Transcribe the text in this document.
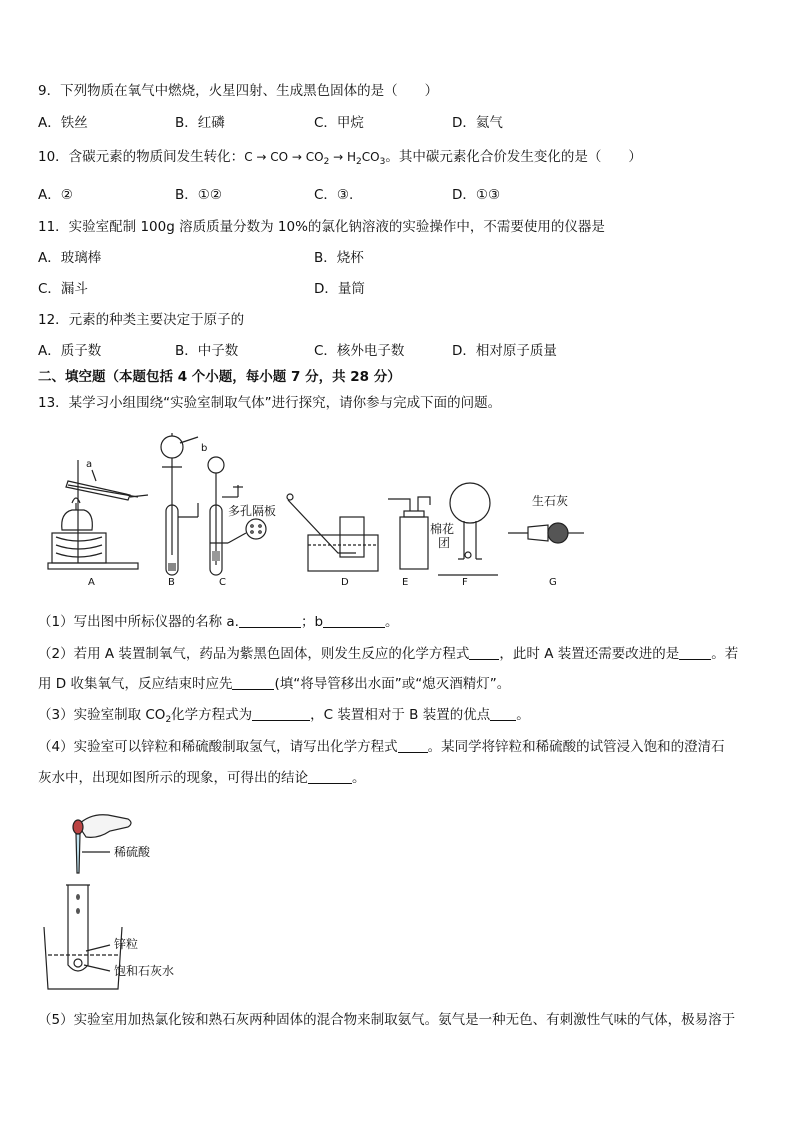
9．下列物质在氧气中燃烧，火星四射、生成黑色固体的是（　　）
A．铁丝	B．红磷	C．甲烷	D．氦气
10．含碳元素的物质间发生转化：C → CO → $CO_2 \to H_2CO_3$。其中碳元素化合价发生变化的是（　　）
A．②	B．①②	C．③.	D．①③
11．实验室配制 100g 溶质质量分数为 10%的氯化钠溶液的实验操作中，不需要使用的仪器是
A．玻璃棒	B．烧杯
C．漏斗	D．量筒
12．元素的种类主要决定于原子的
A．质子数	B．中子数	C．核外电子数	D．相对原子质量
二、填空题（本题包括 4 个小题，每小题 7 分，共 28 分）
13．某学习小组围绕“实验室制取气体”进行探究，请你参与完成下面的问题。
A	B	C	D	E	F	G
a
b
多孔隔板
棉花
团
生石灰
（1）写出图中所标仪器的名称 a.	；b	。
（2）若用 A 装置制氧气，药品为紫黑色固体，则发生反应的化学方程式 ，此时 A 装置还需要改进的是 。若
用 D 收集氧气，反应结束时应先	(填“将导管移出水面”或“熄灭酒精灯”。
（3）实验室制取 $CO_2$化学方程式为	，C 装置相对于 B 装置的优点 。
（4）实验室可以锌粒和稀硫酸制取氢气，请写出化学方程式 。某同学将锌粒和稀硫酸的试管浸入饱和的澄清石
灰水中，出现如图所示的现象，可得出的结论	。
稀硫酸
锌粒
饱和石灰水
（5）实验室用加热氯化铵和熟石灰两种固体的混合物来制取氨气。氨气是一种无色、有刺激性气味的气体，极易溶于
